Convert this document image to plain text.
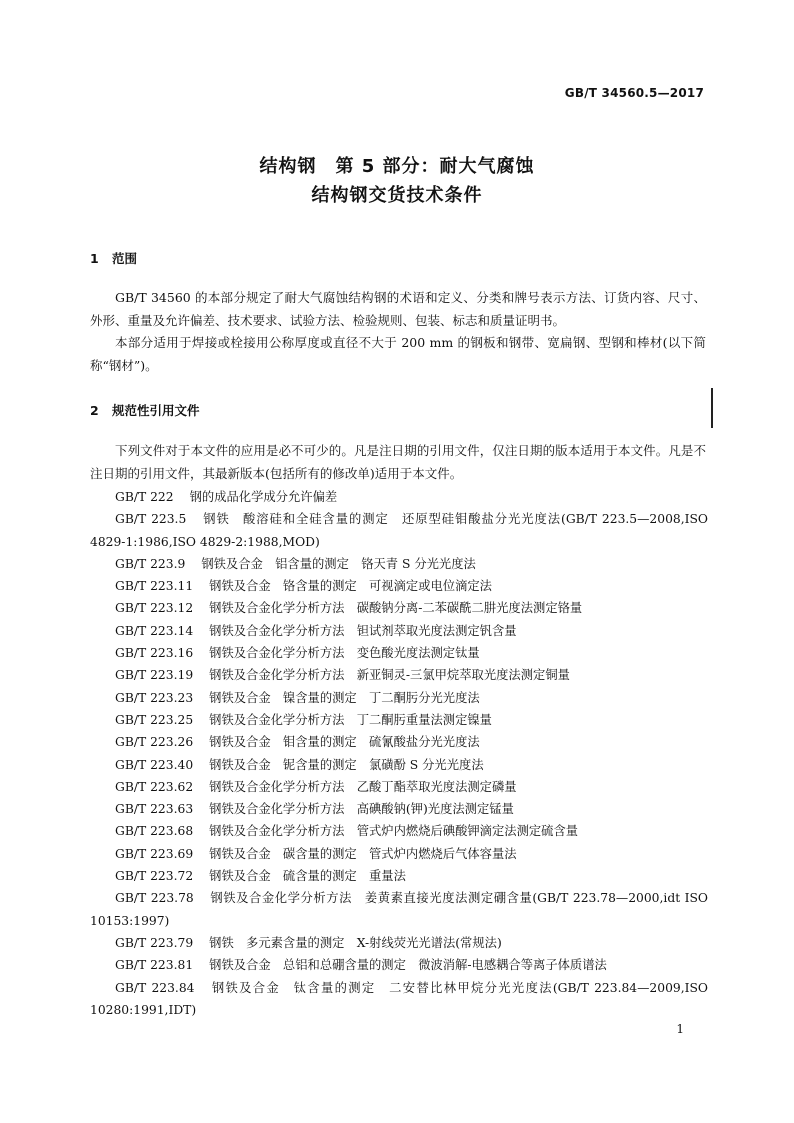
GB/T 34560.5—2017
结构钢　第 5 部分：耐大气腐蚀
结构钢交货技术条件
1 范围
GB/T 34560 的本部分规定了耐大气腐蚀结构钢的术语和定义、分类和牌号表示方法、订货内容、尺寸、外形、重量及允许偏差、技术要求、试验方法、检验规则、包装、标志和质量证明书。
本部分适用于焊接或栓接用公称厚度或直径不大于 200 mm 的钢板和钢带、宽扁钢、型钢和棒材(以下简称“钢材”)。
2 规范性引用文件
下列文件对于本文件的应用是必不可少的。凡是注日期的引用文件，仅注日期的版本适用于本文件。凡是不注日期的引用文件，其最新版本(包括所有的修改单)适用于本文件。
GB/T 222 钢的成品化学成分允许偏差
GB/T 223.5 钢铁　酸溶硅和全硅含量的测定　还原型硅钼酸盐分光光度法(GB/T 223.5—2008,ISO 4829-1:1986,ISO 4829-2:1988,MOD)
GB/T 223.9 钢铁及合金　铝含量的测定　铬天青 S 分光光度法
GB/T 223.11 钢铁及合金　铬含量的测定　可视滴定或电位滴定法
GB/T 223.12 钢铁及合金化学分析方法　碳酸钠分离-二苯碳酰二肼光度法测定铬量
GB/T 223.14 钢铁及合金化学分析方法　钽试剂萃取光度法测定钒含量
GB/T 223.16 钢铁及合金化学分析方法　变色酸光度法测定钛量
GB/T 223.19 钢铁及合金化学分析方法　新亚铜灵-三氯甲烷萃取光度法测定铜量
GB/T 223.23 钢铁及合金　镍含量的测定　丁二酮肟分光光度法
GB/T 223.25 钢铁及合金化学分析方法　丁二酮肟重量法测定镍量
GB/T 223.26 钢铁及合金　钼含量的测定　硫氰酸盐分光光度法
GB/T 223.40 钢铁及合金　铌含量的测定　氯磺酚 S 分光光度法
GB/T 223.62 钢铁及合金化学分析方法　乙酸丁酯萃取光度法测定磷量
GB/T 223.63 钢铁及合金化学分析方法　高碘酸钠(钾)光度法测定锰量
GB/T 223.68 钢铁及合金化学分析方法　管式炉内燃烧后碘酸钾滴定法测定硫含量
GB/T 223.69 钢铁及合金　碳含量的测定　管式炉内燃烧后气体容量法
GB/T 223.72 钢铁及合金　硫含量的测定　重量法
GB/T 223.78 钢铁及合金化学分析方法　姜黄素直接光度法测定硼含量(GB/T 223.78—2000,idt ISO 10153:1997)
GB/T 223.79 钢铁　多元素含量的测定　X-射线荧光光谱法(常规法)
GB/T 223.81 钢铁及合金　总铝和总硼含量的测定　微波消解-电感耦合等离子体质谱法
GB/T 223.84 钢铁及合金　钛含量的测定　二安替比林甲烷分光光度法(GB/T 223.84—2009,ISO 10280:1991,IDT)
1
